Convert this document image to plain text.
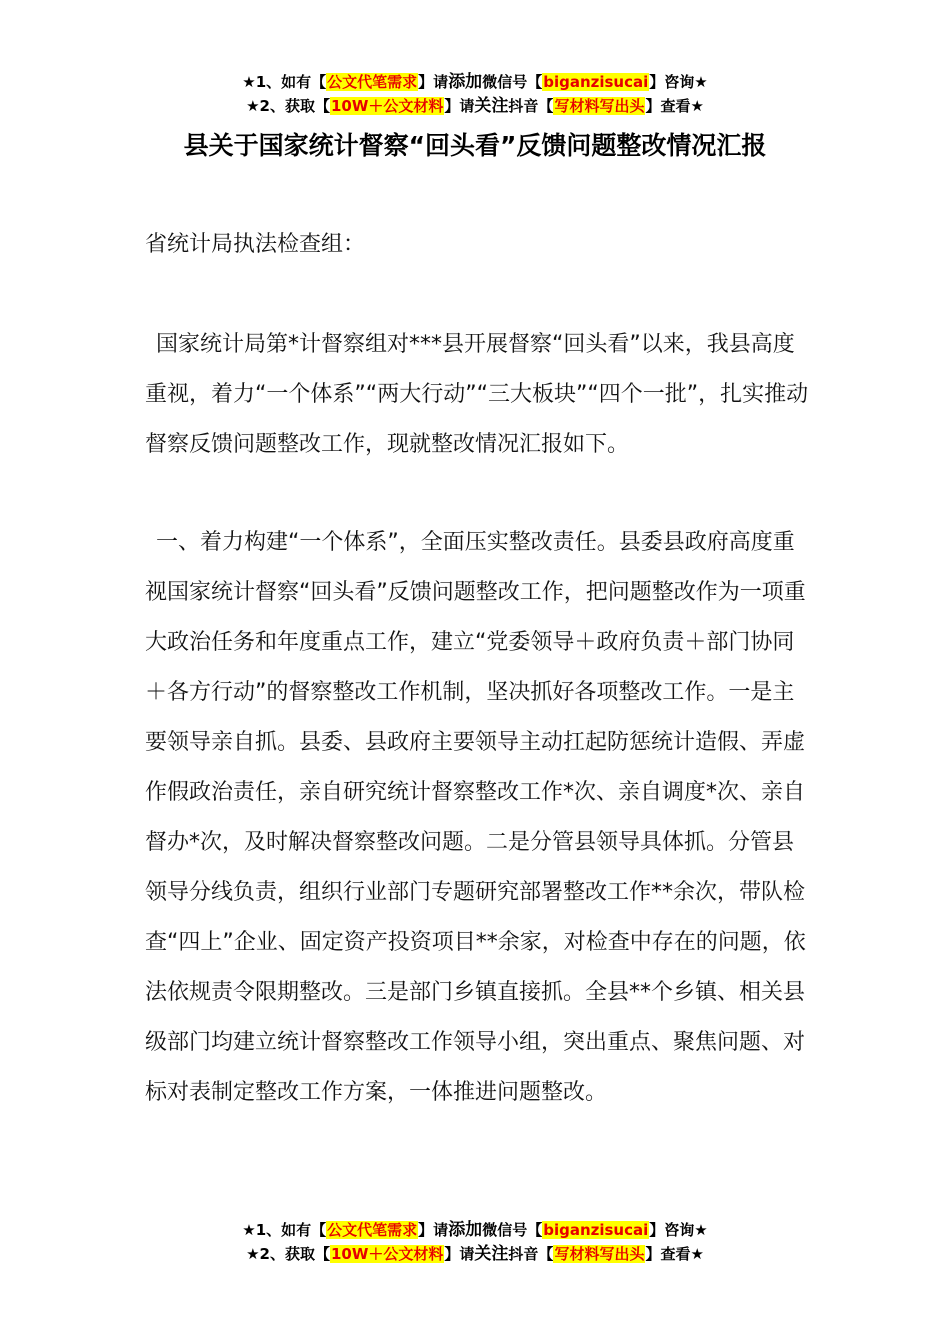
★1、如有【公文代笔需求】请添加微信号【biganzisucai】咨询★
★2、获取【10W＋公文材料】请关注抖音【写材料写出头】查看★
县关于国家统计督察“回头看”反馈问题整改情况汇报
省统计局执法检查组：

国家统计局第*计督察组对***县开展督察“回头看”以来，我县高度重视，着力“一个体系”“两大行动”“三大板块”“四个一批”，扎实推动督察反馈问题整改工作，现就整改情况汇报如下。

一、着力构建“一个体系”，全面压实整改责任。县委县政府高度重视国家统计督察“回头看”反馈问题整改工作，把问题整改作为一项重大政治任务和年度重点工作，建立“党委领导＋政府负责＋部门协同＋各方行动”的督察整改工作机制，坚决抓好各项整改工作。一是主要领导亲自抓。县委、县政府主要领导主动扛起防惩统计造假、弄虚作假政治责任，亲自研究统计督察整改工作*次、亲自调度*次、亲自督办*次，及时解决督察整改问题。二是分管县领导具体抓。分管县领导分线负责，组织行业部门专题研究部署整改工作**余次，带队检查“四上”企业、固定资产投资项目**余家，对检查中存在的问题，依法依规责令限期整改。三是部门乡镇直接抓。全县**个乡镇、相关县级部门均建立统计督察整改工作领导小组，突出重点、聚焦问题、对标对表制定整改工作方案，一体推进问题整改。

★1、如有【公文代笔需求】请添加微信号【biganzisucai】咨询★
★2、获取【10W＋公文材料】请关注抖音【写材料写出头】查看★
